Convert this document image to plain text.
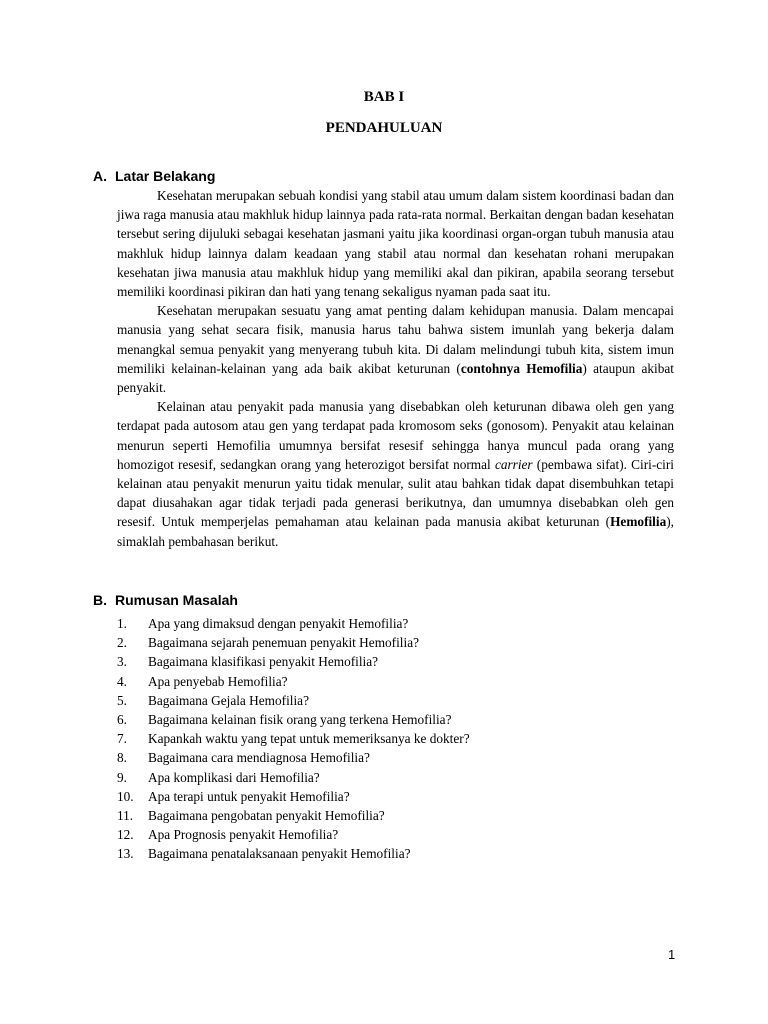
BAB I
PENDAHULUAN
A. Latar Belakang

Kesehatan merupakan sebuah kondisi yang stabil atau umum dalam sistem koordinasi badan dan jiwa raga manusia atau makhluk hidup lainnya pada rata-rata normal. Berkaitan dengan badan kesehatan tersebut sering dijuluki sebagai kesehatan jasmani yaitu jika koordinasi organ-organ tubuh manusia atau makhluk hidup lainnya dalam keadaan yang stabil atau normal dan kesehatan rohani merupakan kesehatan jiwa manusia atau makhluk hidup yang memiliki akal dan pikiran, apabila seorang tersebut memiliki koordinasi pikiran dan hati yang tenang sekaligus nyaman pada saat itu.

Kesehatan merupakan sesuatu yang amat penting dalam kehidupan manusia. Dalam mencapai manusia yang sehat secara fisik, manusia harus tahu bahwa sistem imunlah yang bekerja dalam menangkal semua penyakit yang menyerang tubuh kita. Di dalam melindungi tubuh kita, sistem imun memiliki kelainan-kelainan yang ada baik akibat keturunan (contohnya Hemofilia) ataupun akibat penyakit.

Kelainan atau penyakit pada manusia yang disebabkan oleh keturunan dibawa oleh gen yang terdapat pada autosom atau gen yang terdapat pada kromosom seks (gonosom). Penyakit atau kelainan menurun seperti Hemofilia umumnya bersifat resesif sehingga hanya muncul pada orang yang homozigot resesif, sedangkan orang yang heterozigot bersifat normal carrier (pembawa sifat). Ciri-ciri kelainan atau penyakit menurun yaitu tidak menular, sulit atau bahkan tidak dapat disembuhkan tetapi dapat diusahakan agar tidak terjadi pada generasi berikutnya, dan umumnya disebabkan oleh gen resesif. Untuk memperjelas pemahaman atau kelainan pada manusia akibat keturunan (Hemofilia), simaklah pembahasan berikut.

B. Rumusan Masalah
1.	Apa yang dimaksud dengan penyakit Hemofilia?
2.	Bagaimana sejarah penemuan penyakit Hemofilia?
3.	Bagaimana klasifikasi penyakit Hemofilia?
4.	Apa penyebab Hemofilia?
5.	Bagaimana Gejala Hemofilia?
6.	Bagaimana kelainan fisik orang yang terkena Hemofilia?
7.	Kapankah waktu yang tepat untuk memeriksanya ke dokter?
8.	Bagaimana cara mendiagnosa Hemofilia?
9.	Apa komplikasi dari Hemofilia?
10.	Apa terapi untuk penyakit Hemofilia?
11.	Bagaimana pengobatan penyakit Hemofilia?
12.	Apa Prognosis penyakit Hemofilia?
13.	Bagaimana penatalaksanaan penyakit Hemofilia?
1
